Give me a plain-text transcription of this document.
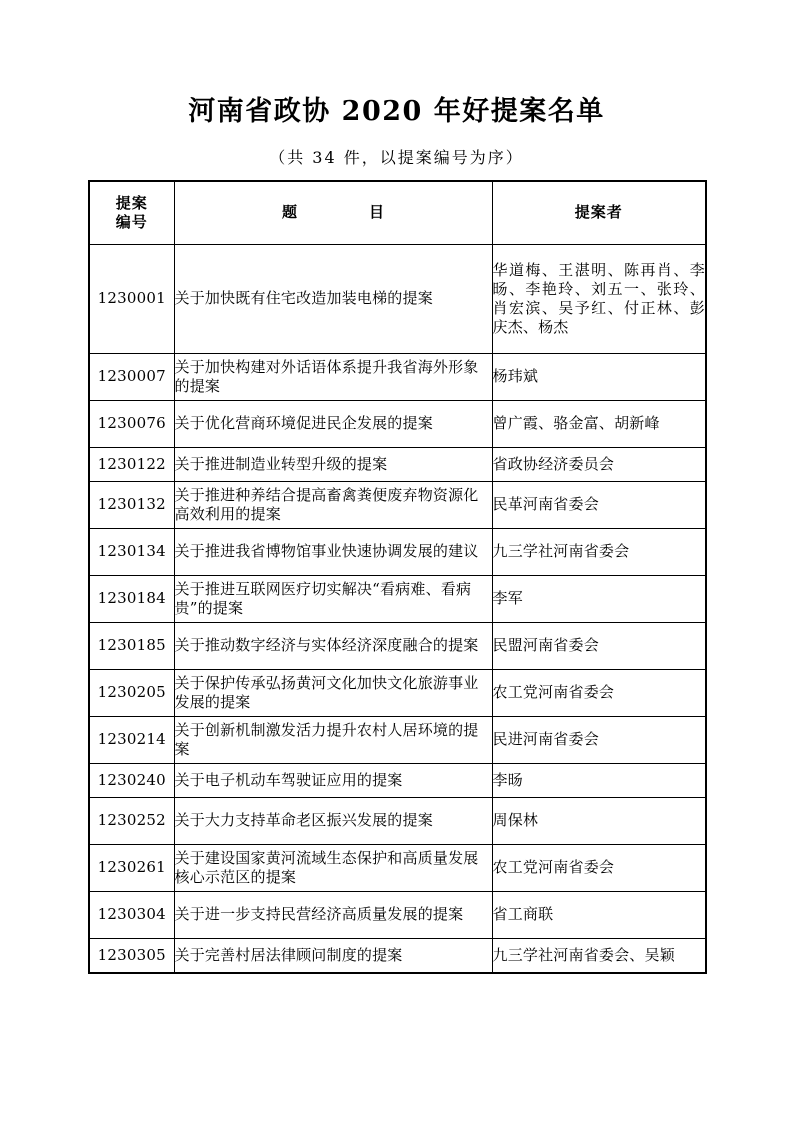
河南省政协 2020 年好提案名单

（共 34 件，以提案编号为序）

提案
编号	题　　目	提案者
1230001	关于加快既有住宅改造加装电梯的提案	华道梅、王湛明、陈再肖、李旸、李艳玲、刘五一、张玲、肖宏滨、吴予红、付正林、彭庆杰、杨杰
1230007	关于加快构建对外话语体系提升我省海外形象的提案	杨玮斌
1230076	关于优化营商环境促进民企发展的提案	曾广霞、骆金富、胡新峰
1230122	关于推进制造业转型升级的提案	省政协经济委员会
1230132	关于推进种养结合提高畜禽粪便废弃物资源化高效利用的提案	民革河南省委会
1230134	关于推进我省博物馆事业快速协调发展的建议	九三学社河南省委会
1230184	关于推进互联网医疗切实解决“看病难、看病贵”的提案	李军
1230185	关于推动数字经济与实体经济深度融合的提案	民盟河南省委会
1230205	关于保护传承弘扬黄河文化加快文化旅游事业发展的提案	农工党河南省委会
1230214	关于创新机制激发活力提升农村人居环境的提案	民进河南省委会
1230240	关于电子机动车驾驶证应用的提案	李旸
1230252	关于大力支持革命老区振兴发展的提案	周保林
1230261	关于建设国家黄河流域生态保护和高质量发展核心示范区的提案	农工党河南省委会
1230304	关于进一步支持民营经济高质量发展的提案	省工商联
1230305	关于完善村居法律顾问制度的提案	九三学社河南省委会、吴颖
